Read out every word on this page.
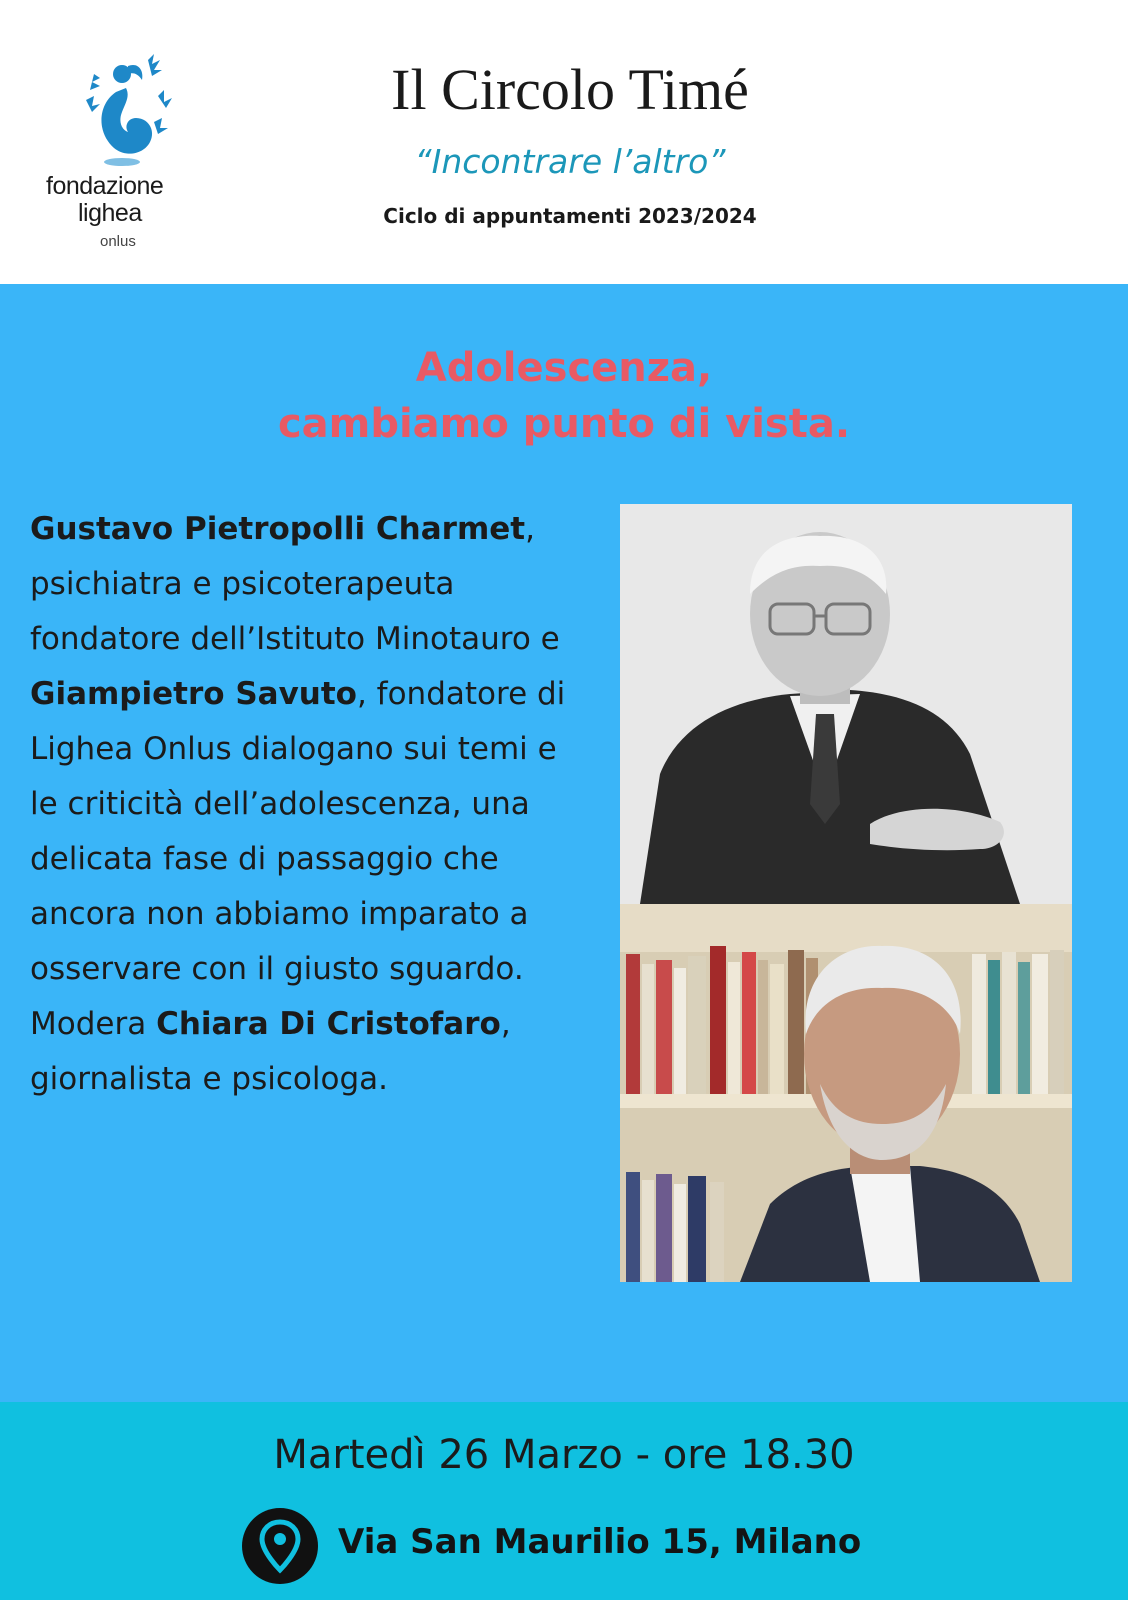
fondazione
lighea
onlus
Il Circolo Timé
“Incontrare l’altro”
Ciclo di appuntamenti 2023/2024
Adolescenza,
cambiamo punto di vista.
Gustavo Pietropolli Charmet, psichiatra e psicoterapeuta fondatore dell’Istituto Minotauro e Giampietro Savuto, fondatore di Lighea Onlus dialogano sui temi e le criticità dell’adolescenza, una delicata fase di passaggio che ancora non abbiamo imparato a osservare con il giusto sguardo.
Modera Chiara Di Cristofaro, giornalista e psicologa.
Martedì 26 Marzo - ore 18.30
Via San Maurilio 15, Milano
